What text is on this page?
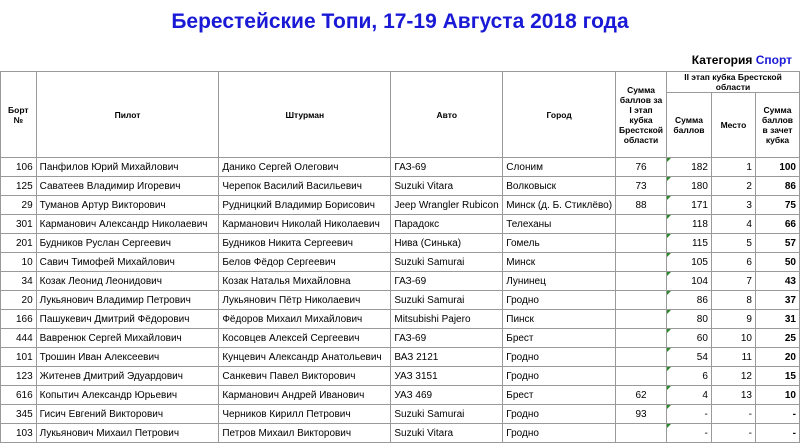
Берестейские Топи, 17-19 Августа 2018 года
Категория Спорт
Борт №	Пилот	Штурман	Авто	Город	Сумма баллов за I этап кубка Брестской области	II этап кубка Брестской области		
						Сумма баллов	Место	Сумма баллов в зачет кубка
106	Панфилов Юрий Михайлович	Данико Сергей Олегович	ГАЗ-69	Слоним	76	182	1	100
125	Саватеев Владимир Игоревич	Черепок Василий Васильевич	Suzuki Vitara	Волковыск	73	180	2	86
29	Туманов Артур Викторович	Рудницкий Владимир Борисович	Jeep Wrangler Rubicon	Минск (д. Б. Стиклёво)	88	171	3	75
301	Карманович Александр Николаевич	Карманович Николай Николаевич	Парадокс	Телеханы		118	4	66
201	Будников Руслан Сергеевич	Будников Никита Сергеевич	Нива (Синька)	Гомель		115	5	57
10	Савич Тимофей Михайлович	Белов Фёдор Сергеевич	Suzuki Samurai	Минск		105	6	50
34	Козак Леонид Леонидович	Козак Наталья Михайловна	ГАЗ-69	Лунинец		104	7	43
20	Лукьянович Владимир Петрович	Лукьянович Пётр Николаевич	Suzuki Samurai	Гродно		86	8	37
166	Пашукевич Дмитрий Фёдорович	Фёдоров Михаил Михайлович	Mitsubishi Pajero	Пинск		80	9	31
444	Вавренюк Сергей Михайлович	Косовцев Алексей Сергеевич	ГАЗ-69	Брест		60	10	25
101	Трошин Иван Алексеевич	Кунцевич Александр Анатольевич	ВАЗ 2121	Гродно		54	11	20
123	Житенев Дмитрий Эдуардович	Санкевич Павел Викторович	УАЗ 3151	Гродно		6	12	15
616	Копытич Александр Юрьевич	Карманович Андрей Иванович	УАЗ 469	Брест	62	4	13	10
345	Гисич Евгений Викторович	Черников Кирилл Петрович	Suzuki Samurai	Гродно	93	-	-	-
103	Лукьянович Михаил Петрович	Петров Михаил Викторович	Suzuki Vitara	Гродно		-	-	-
